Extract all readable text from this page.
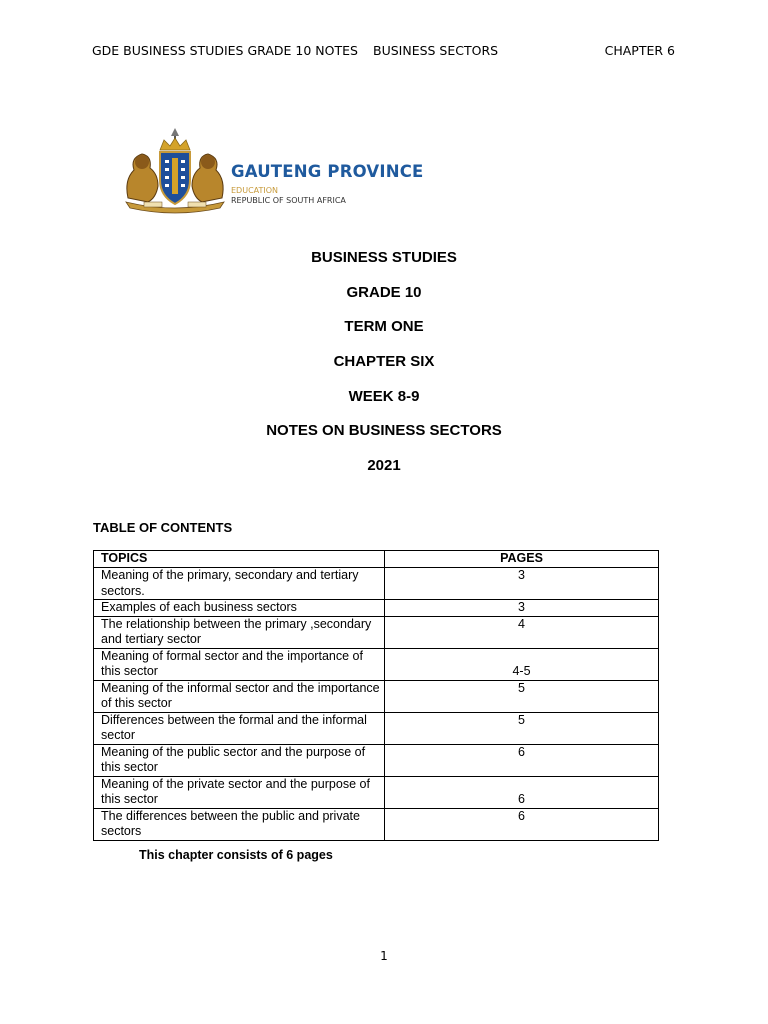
GDE BUSINESS STUDIES GRADE 10 NOTES BUSINESS SECTORS	CHAPTER 6
GAUTENG PROVINCE
EDUCATION
REPUBLIC OF SOUTH AFRICA
BUSINESS STUDIES
GRADE 10
TERM ONE
CHAPTER SIX
WEEK 8-9
NOTES ON BUSINESS SECTORS
2021
TABLE OF CONTENTS
TOPICS	PAGES
Meaning of the primary, secondary and tertiary sectors.	3
Examples of each business sectors	3
The relationship between the primary ,secondary and tertiary sector	4
Meaning of formal sector and the importance of this sector	4-5
Meaning of the informal sector and the importance of this sector	5
Differences between the formal and the informal sector	5
Meaning of the public sector and the purpose of this sector	6
Meaning of the private sector and the purpose of this sector	6
The differences between the public and private sectors	6
This chapter consists of 6 pages
1
